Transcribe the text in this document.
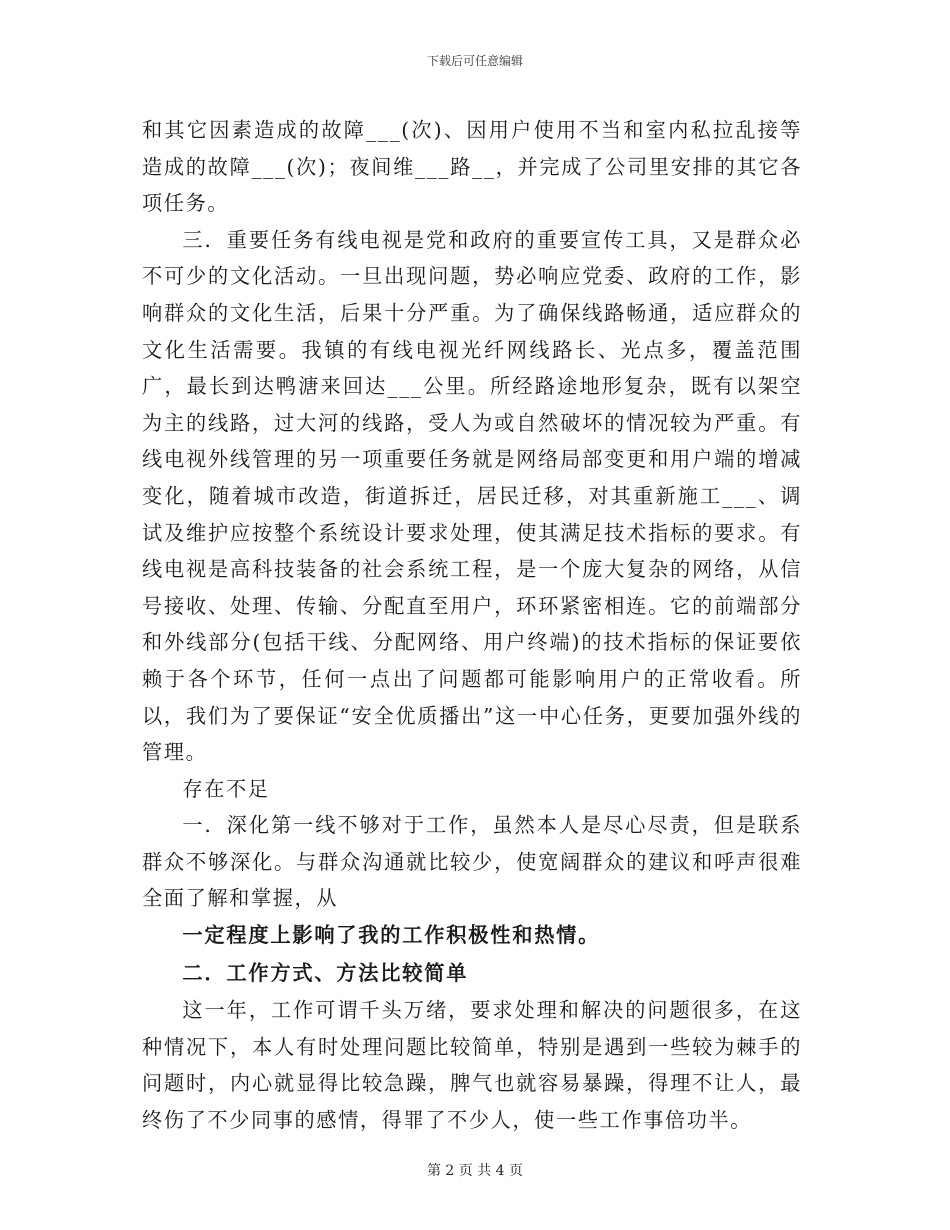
下载后可任意编辑

和其它因素造成的故障___(次)、因用户使用不当和室内私拉乱接等造成的故障___(次)；夜间维___路__，并完成了公司里安排的其它各项任务。

三．重要任务有线电视是党和政府的重要宣传工具，又是群众必不可少的文化活动。一旦出现问题，势必响应党委、政府的工作，影响群众的文化生活，后果十分严重。为了确保线路畅通，适应群众的文化生活需要。我镇的有线电视光纤网线路长、光点多，覆盖范围广，最长到达鸭溏来回达___公里。所经路途地形复杂，既有以架空为主的线路，过大河的线路，受人为或自然破坏的情况较为严重。有线电视外线管理的另一项重要任务就是网络局部变更和用户端的增减变化，随着城市改造，街道拆迁，居民迁移，对其重新施工___、调试及维护应按整个系统设计要求处理，使其满足技术指标的要求。有线电视是高科技装备的社会系统工程，是一个庞大复杂的网络，从信号接收、处理、传输、分配直至用户，环环紧密相连。它的前端部分和外线部分(包括干线、分配网络、用户终端)的技术指标的保证要依赖于各个环节，任何一点出了问题都可能影响用户的正常收看。所以，我们为了要保证“安全优质播出”这一中心任务，更要加强外线的管理。

存在不足

一．深化第一线不够对于工作，虽然本人是尽心尽责，但是联系群众不够深化。与群众沟通就比较少，使宽阔群众的建议和呼声很难全面了解和掌握，从

一定程度上影响了我的工作积极性和热情。

二．工作方式、方法比较简单

这一年，工作可谓千头万绪，要求处理和解决的问题很多，在这种情况下，本人有时处理问题比较简单，特别是遇到一些较为棘手的问题时，内心就显得比较急躁，脾气也就容易暴躁，得理不让人，最终伤了不少同事的感情，得罪了不少人，使一些工作事倍功半。

第 2 页 共 4 页
